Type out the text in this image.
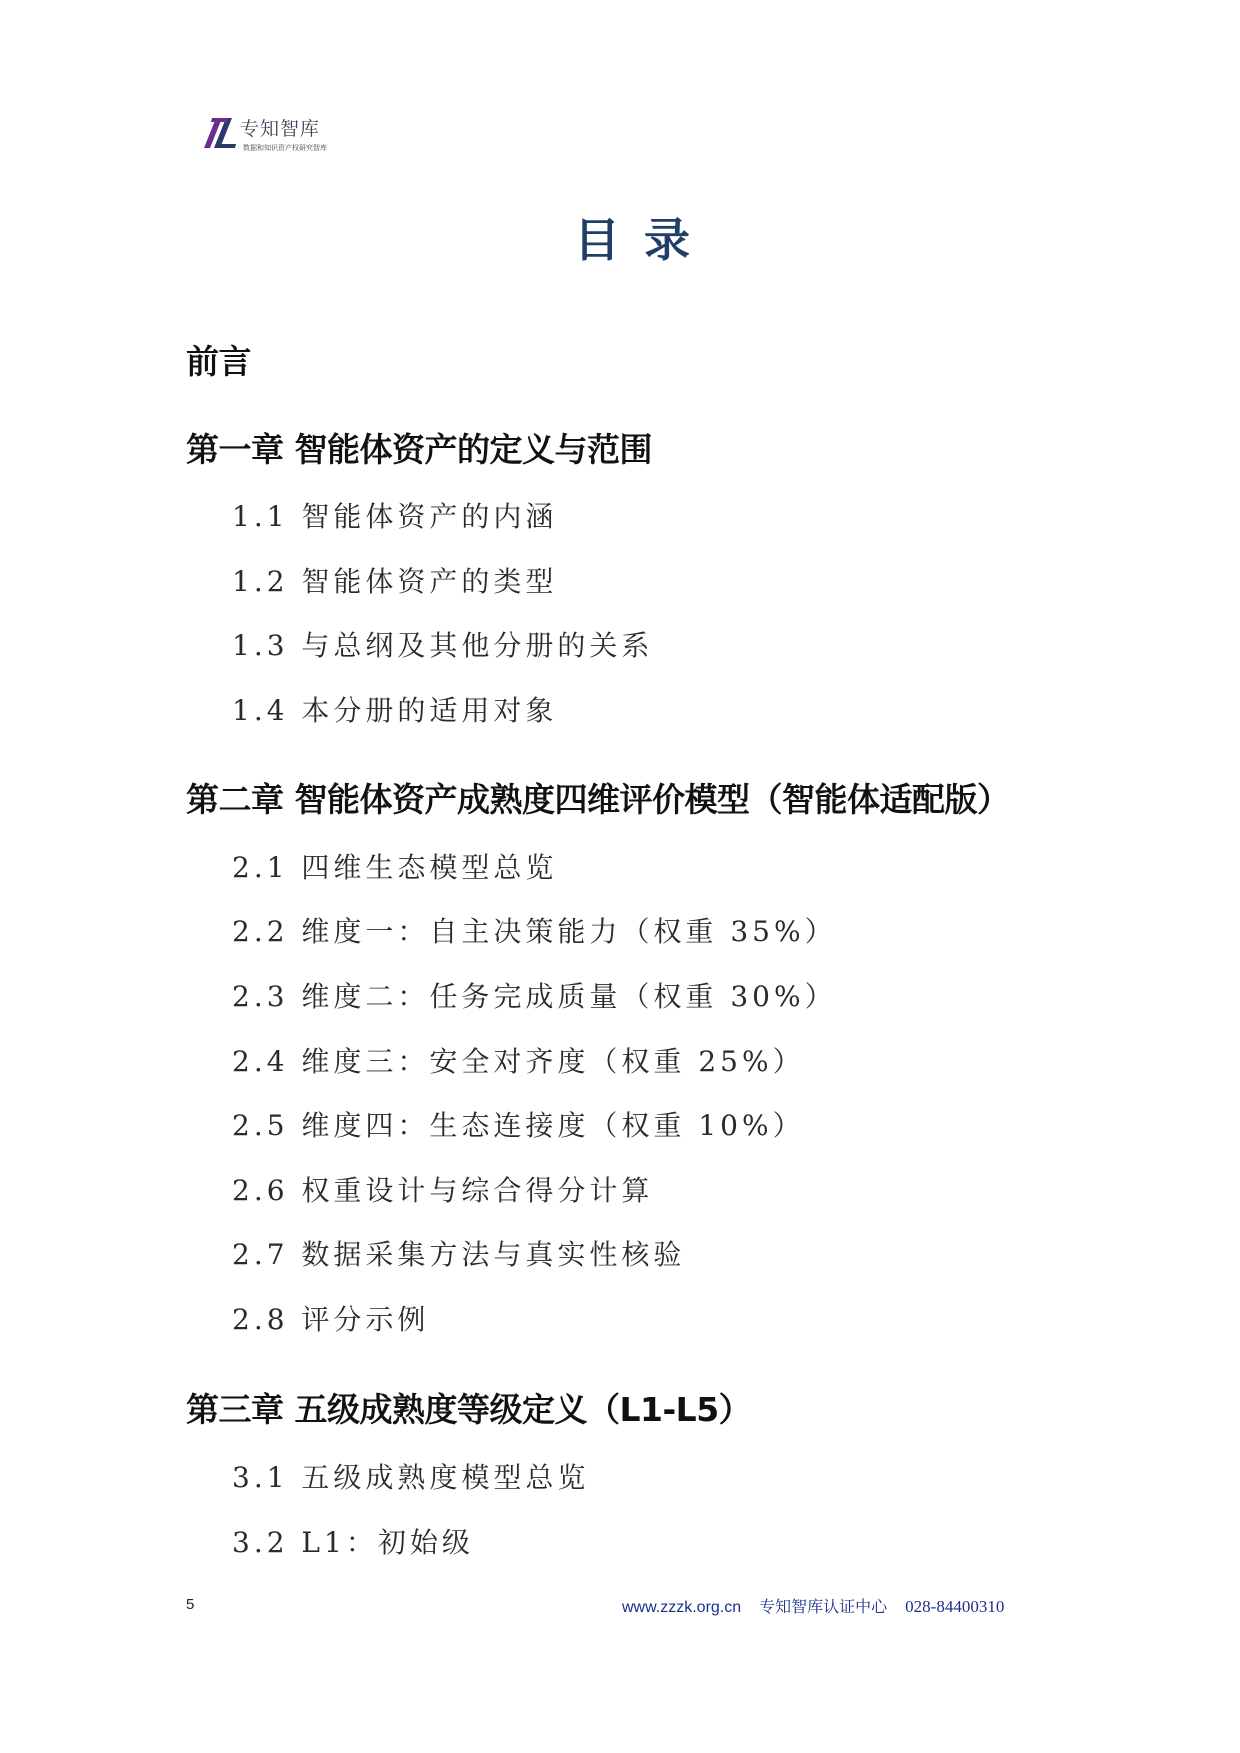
专知智库
数据和知识资产权研究智库
目录
前言
第一章 智能体资产的定义与范围
1.1 智能体资产的内涵
1.2 智能体资产的类型
1.3 与总纲及其他分册的关系
1.4 本分册的适用对象
第二章 智能体资产成熟度四维评价模型（智能体适配版）
2.1 四维生态模型总览
2.2 维度一：自主决策能力（权重 35%）
2.3 维度二：任务完成质量（权重 30%）
2.4 维度三：安全对齐度（权重 25%）
2.5 维度四：生态连接度（权重 10%）
2.6 权重设计与综合得分计算
2.7 数据采集方法与真实性核验
2.8 评分示例
第三章 五级成熟度等级定义（L1-L5）
3.1 五级成熟度模型总览
3.2 L1：初始级
5	www.zzzk.org.cn 专知智库认证中心 028-84400310
